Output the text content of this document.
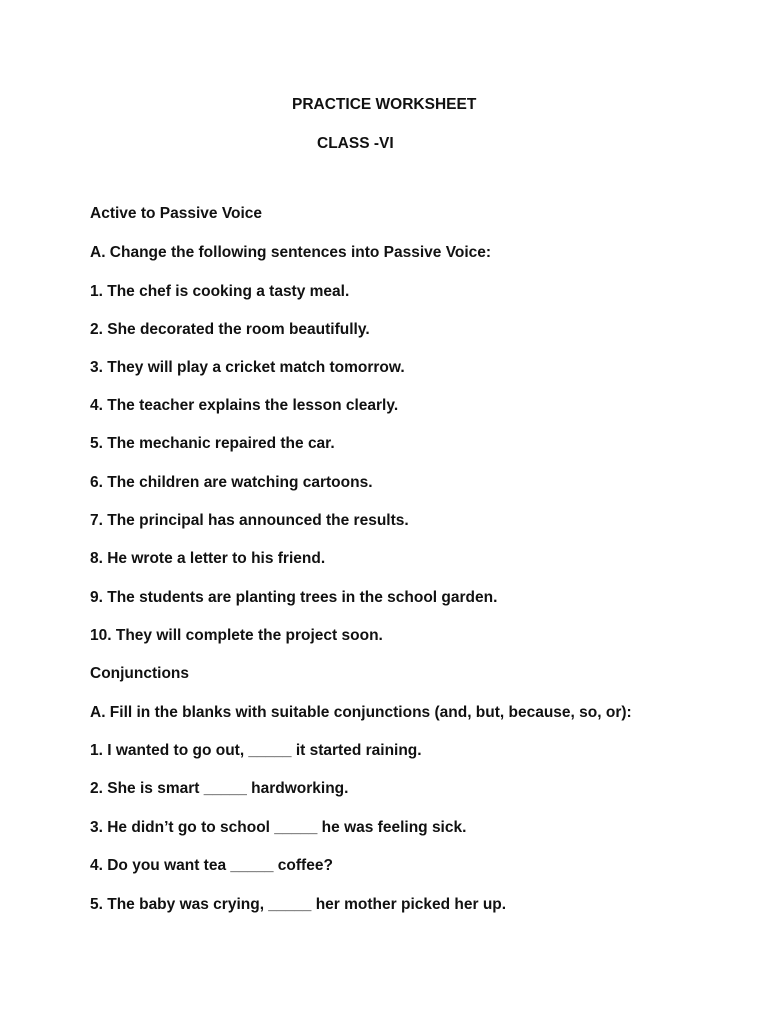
PRACTICE WORKSHEET
CLASS -VI
Active to Passive Voice
A. Change the following sentences into Passive Voice:
1. The chef is cooking a tasty meal.
2. She decorated the room beautifully.
3. They will play a cricket match tomorrow.
4. The teacher explains the lesson clearly.
5. The mechanic repaired the car.
6. The children are watching cartoons.
7. The principal has announced the results.
8. He wrote a letter to his friend.
9. The students are planting trees in the school garden.
10. They will complete the project soon.
Conjunctions
A. Fill in the blanks with suitable conjunctions (and, but, because, so, or):
1. I wanted to go out, _____ it started raining.
2. She is smart _____ hardworking.
3. He didn’t go to school _____ he was feeling sick.
4. Do you want tea _____ coffee?
5. The baby was crying, _____ her mother picked her up.
